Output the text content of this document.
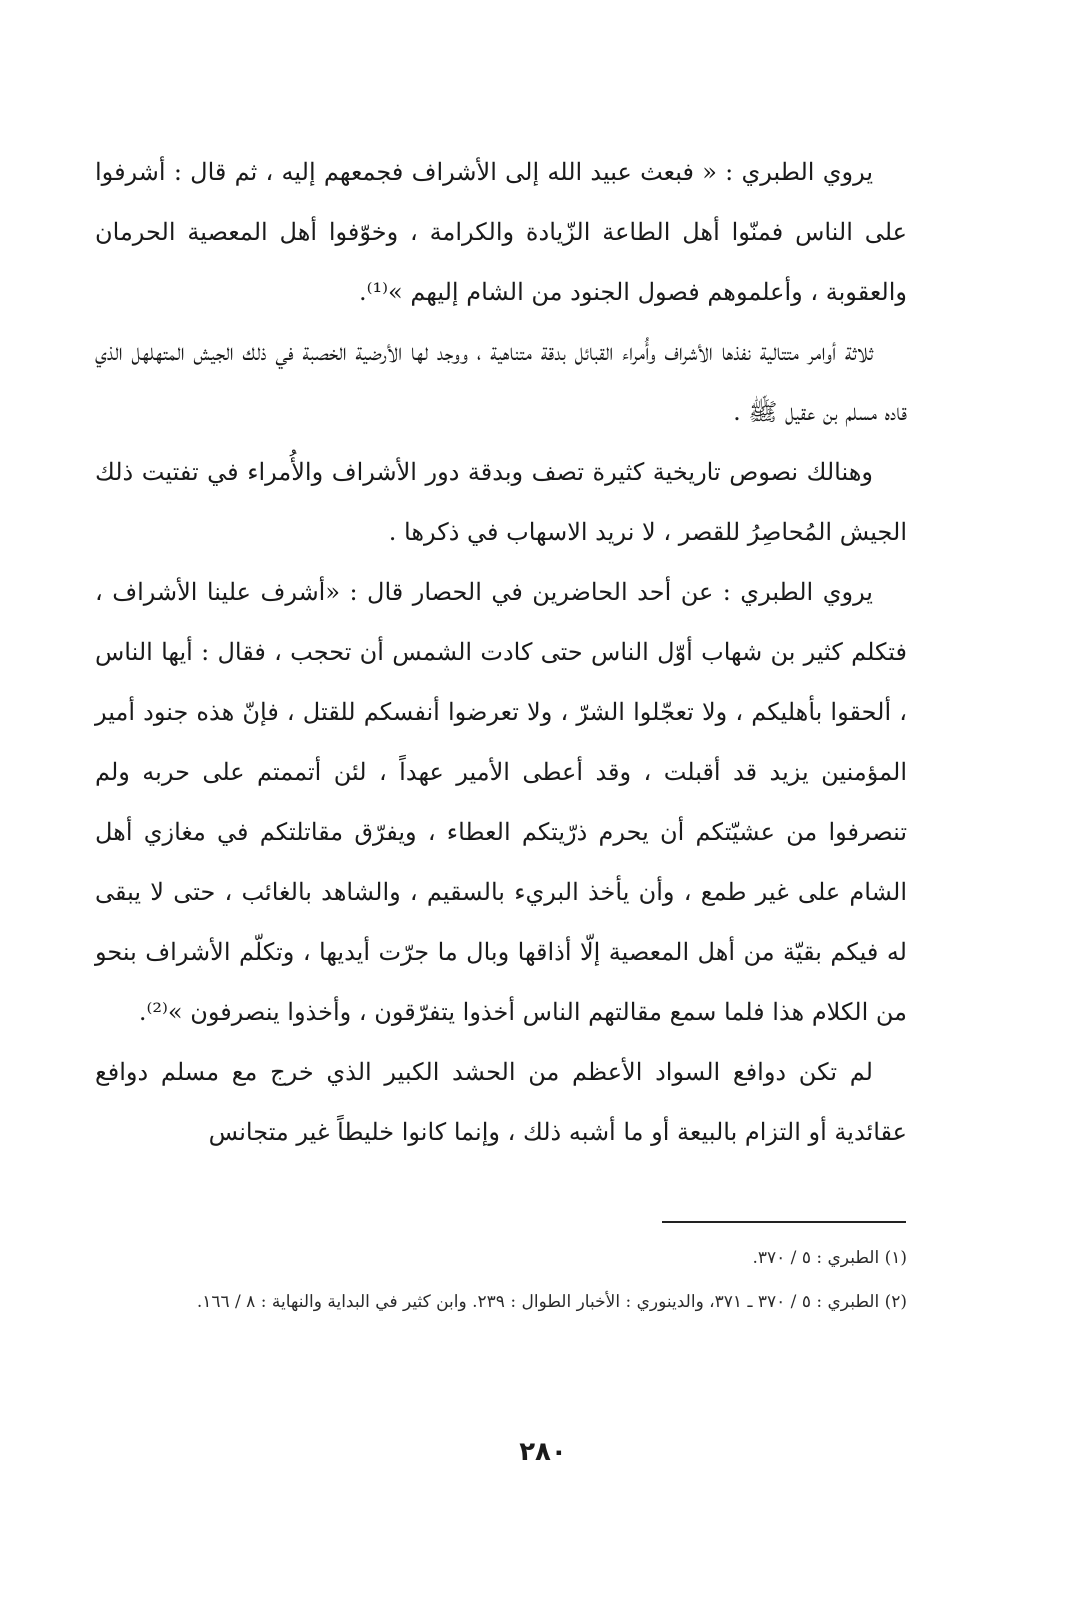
يروي الطبري : « فبعث عبيد الله إلى الأشراف فجمعهم إليه ، ثم قال : أشرفوا على الناس فمنّوا أهل الطاعة الزّيادة والكرامة ، وخوّفوا أهل المعصية الحرمان والعقوبة ، وأعلموهم فصول الجنود من الشام إليهم »⁽¹⁾.

ثلاثة أوامر متتالية نفذها الأشراف وأُمراء القبائل بدقة متناهية ، ووجد لها الأرضية الخصبة في ذلك الجيش المتهلهل الذي قاده مسلم بن عقيل ﷺ .

وهنالك نصوص تاريخية كثيرة تصف وبدقة دور الأشراف والأُمراء في تفتيت ذلك الجيش المُحاصِرُ للقصر ، لا نريد الاسهاب في ذكرها .

يروي الطبري : عن أحد الحاضرين في الحصار قال : «أشرف علينا الأشراف ، فتكلم كثير بن شهاب أوّل الناس حتى كادت الشمس أن تحجب ، فقال : أيها الناس ، ألحقوا بأهليكم ، ولا تعجّلوا الشرّ ، ولا تعرضوا أنفسكم للقتل ، فإنّ هذه جنود أمير المؤمنين يزيد قد أقبلت ، وقد أعطى الأمير عهداً ، لئن أتممتم على حربه ولم تنصرفوا من عشيّتكم أن يحرم ذرّيتكم العطاء ، ويفرّق مقاتلتكم في مغازي أهل الشام على غير طمع ، وأن يأخذ البريء بالسقيم ، والشاهد بالغائب ، حتى لا يبقى له فيكم بقيّة من أهل المعصية إلّا أذاقها وبال ما جرّت أيديها ، وتكلّم الأشراف بنحو من الكلام هذا فلما سمع مقالتهم الناس أخذوا يتفرّقون ، وأخذوا ينصرفون »⁽²⁾.

لم تكن دوافع السواد الأعظم من الحشد الكبير الذي خرج مع مسلم دوافع عقائدية أو التزام بالبيعة أو ما أشبه ذلك ، وإنما كانوا خليطاً غير متجانس

(١) الطبري : ٥ / ٣٧٠.

(٢) الطبري : ٥ / ٣٧٠ ـ ٣٧١، والدينوري : الأخبار الطوال : ٢٣٩. وابن كثير في البداية والنهاية : ٨ / ١٦٦.

٢٨٠
